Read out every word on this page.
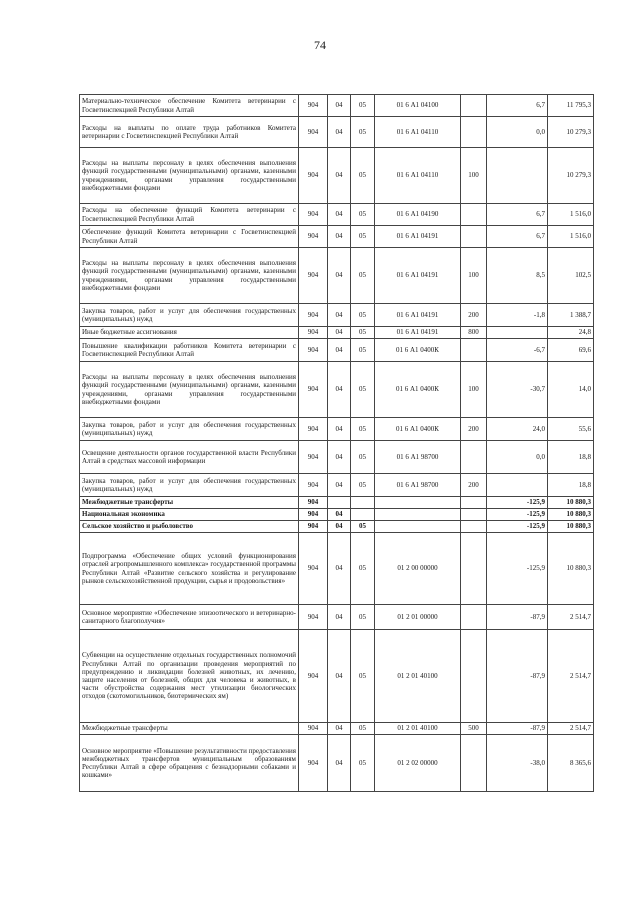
74
Материально-техническое обеспечение Комитета ветеринарии с Госветинспекцией Республики Алтай	904	04	05	01 6 А1 04100		6,7	11 795,3
Расходы на выплаты по оплате труда работников Комитета ветеринарии с Госветинспекцией Республики Алтай	904	04	05	01 6 А1 04110		0,0	10 279,3
Расходы на выплаты персоналу в целях обеспечения выполнения функций государственными (муниципальными) органами, казенными учреждениями, органами управления государственными внебюджетными фондами	904	04	05	01 6 А1 04110	100		10 279,3
Расходы на обеспечение функций Комитета ветеринарии с Госветинспекцией Республики Алтай	904	04	05	01 6 А1 04190		6,7	1 516,0
Обеспечение функций Комитета ветеринарии с Госветинспекцией Республики Алтай	904	04	05	01 6 А1 04191		6,7	1 516,0
Расходы на выплаты персоналу в целях обеспечения выполнения функций государственными (муниципальными) органами, казенными учреждениями, органами управления государственными внебюджетными фондами	904	04	05	01 6 А1 04191	100	8,5	102,5
Закупка товаров, работ и услуг для обеспечения государственных (муниципальных) нужд	904	04	05	01 6 А1 04191	200	-1,8	1 388,7
Иные бюджетные ассигнования	904	04	05	01 6 А1 04191	800		24,8
Повышение квалификации работников Комитета ветеринарии с Госветинспекцией Республики Алтай	904	04	05	01 6 А1 0400К		-6,7	69,6
Расходы на выплаты персоналу в целях обеспечения выполнения функций государственными (муниципальными) органами, казенными учреждениями, органами управления государственными внебюджетными фондами	904	04	05	01 6 А1 0400К	100	-30,7	14,0
Закупка товаров, работ и услуг для обеспечения государственных (муниципальных) нужд	904	04	05	01 6 А1 0400К	200	24,0	55,6
Освещение деятельности органов государственной власти Республики Алтай в средствах массовой информации	904	04	05	01 6 А1 98700		0,0	18,8
Закупка товаров, работ и услуг для обеспечения государственных (муниципальных) нужд	904	04	05	01 6 А1 98700	200		18,8
Межбюджетные трансферты	904					-125,9	10 880,3
Национальная экономика	904	04				-125,9	10 880,3
Сельское хозяйство и рыболовство	904	04	05			-125,9	10 880,3
Подпрограмма «Обеспечение общих условий функционирования отраслей агропромышленного комплекса» государственной программы Республики Алтай «Развитие сельского хозяйства и регулирование рынков сельскохозяйственной продукции, сырья и продовольствия»	904	04	05	01 2 00 00000		-125,9	10 880,3
Основное мероприятие «Обеспечение эпизоотического и ветеринарно-санитарного благополучия»	904	04	05	01 2 01 00000		-87,9	2 514,7
Субвенции на осуществление отдельных государственных полномочий Республики Алтай по организации проведения мероприятий по предупреждению и ликвидации болезней животных, их лечению, защите населения от болезней, общих для человека и животных, в части обустройства содержания мест утилизации биологических отходов (скотомогильников, биотермических ям)	904	04	05	01 2 01 40100		-87,9	2 514,7
Межбюджетные трансферты	904	04	05	01 2 01 40100	500	-87,9	2 514,7
Основное мероприятие «Повышение результативности предоставления межбюджетных трансфертов муниципальным образованиям Республики Алтай в сфере обращения с безнадзорными собаками и кошками»	904	04	05	01 2 02 00000		-38,0	8 365,6
